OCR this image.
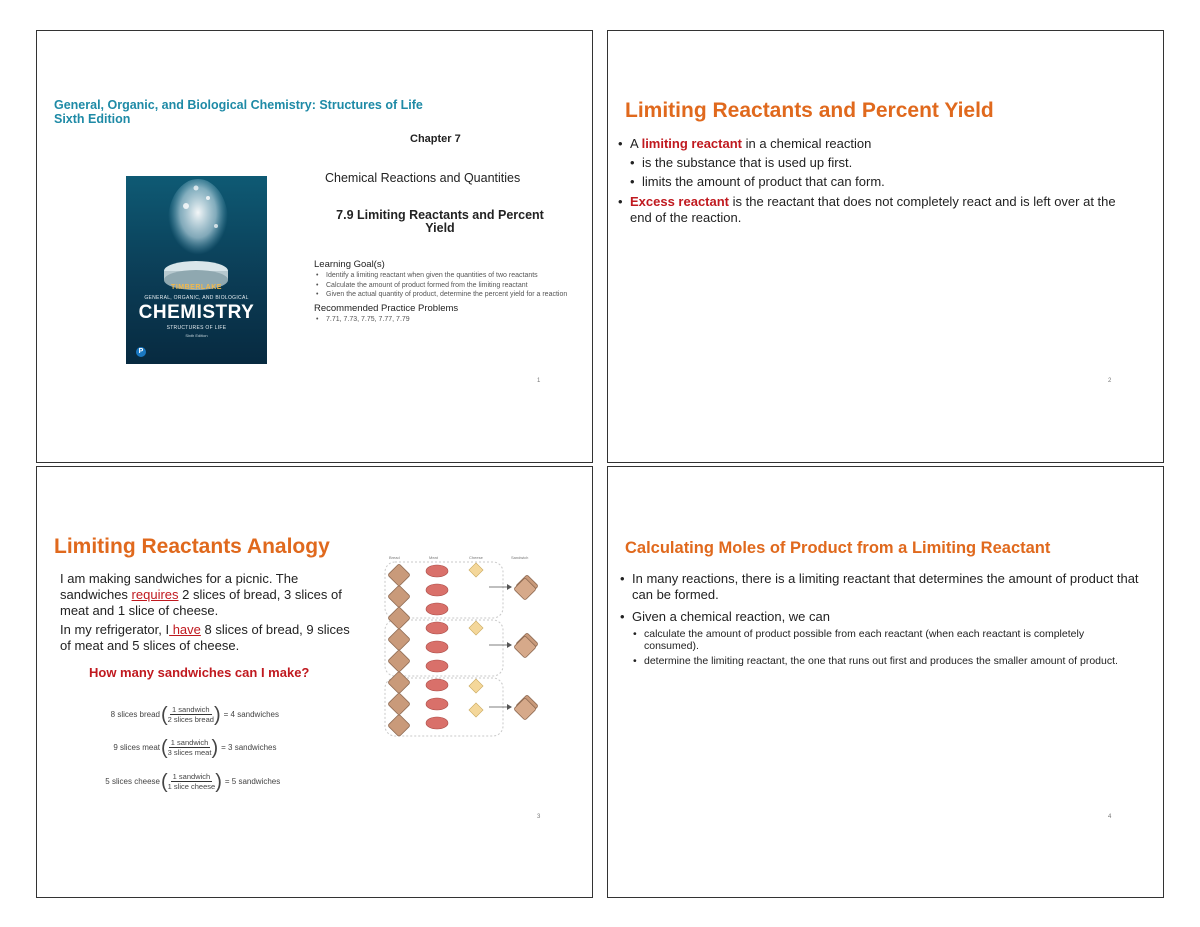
General, Organic, and Biological Chemistry: Structures of Life
Sixth Edition
Chapter 7
Chemical Reactions and Quantities
7.9 Limiting Reactants and Percent
Yield
Learning Goal(s)
• Identify a limiting reactant when given the quantities of two reactants
• Calculate the amount of product formed from the limiting reactant
• Given the actual quantity of product, determine the percent yield for a reaction
Recommended Practice Problems
• 7.71, 7.73, 7.75, 7.77, 7.79
TIMBERLAKE
GENERAL, ORGANIC, AND BIOLOGICAL
CHEMISTRY
STRUCTURES OF LIFE
Sixth Edition
P
1
Limiting Reactants and Percent Yield
• A limiting reactant in a chemical reaction
• is the substance that is used up first.
• limits the amount of product that can form.
• Excess reactant is the reactant that does not completely react and is left over at the end of the reaction.
2
Limiting Reactants Analogy
I am making sandwiches for a picnic. The sandwiches requires 2 slices of bread, 3 slices of meat and 1 slice of cheese.
In my refrigerator, I have 8 slices of bread, 9 slices of meat and 5 slices of cheese.
How many sandwiches can I make?
8 slices bread ( $\frac{\text{1 sandwich}}{\text{2 slices bread}}$ ) = 4 sandwiches
9 slices meat ( $\frac{\text{1 sandwich}}{\text{3 slices meat}}$ ) = 3 sandwiches
5 slices cheese ( $\frac{\text{1 sandwich}}{\text{1 slice cheese}}$ ) = 5 sandwiches
Bread	Meat	Cheese	Sandwich
3
Calculating Moles of Product from a Limiting Reactant
• In many reactions, there is a limiting reactant that determines the amount of product that can be formed.
• Given a chemical reaction, we can
• calculate the amount of product possible from each reactant (when each reactant is completely consumed).
• determine the limiting reactant, the one that runs out first and produces the smaller amount of product.
4
